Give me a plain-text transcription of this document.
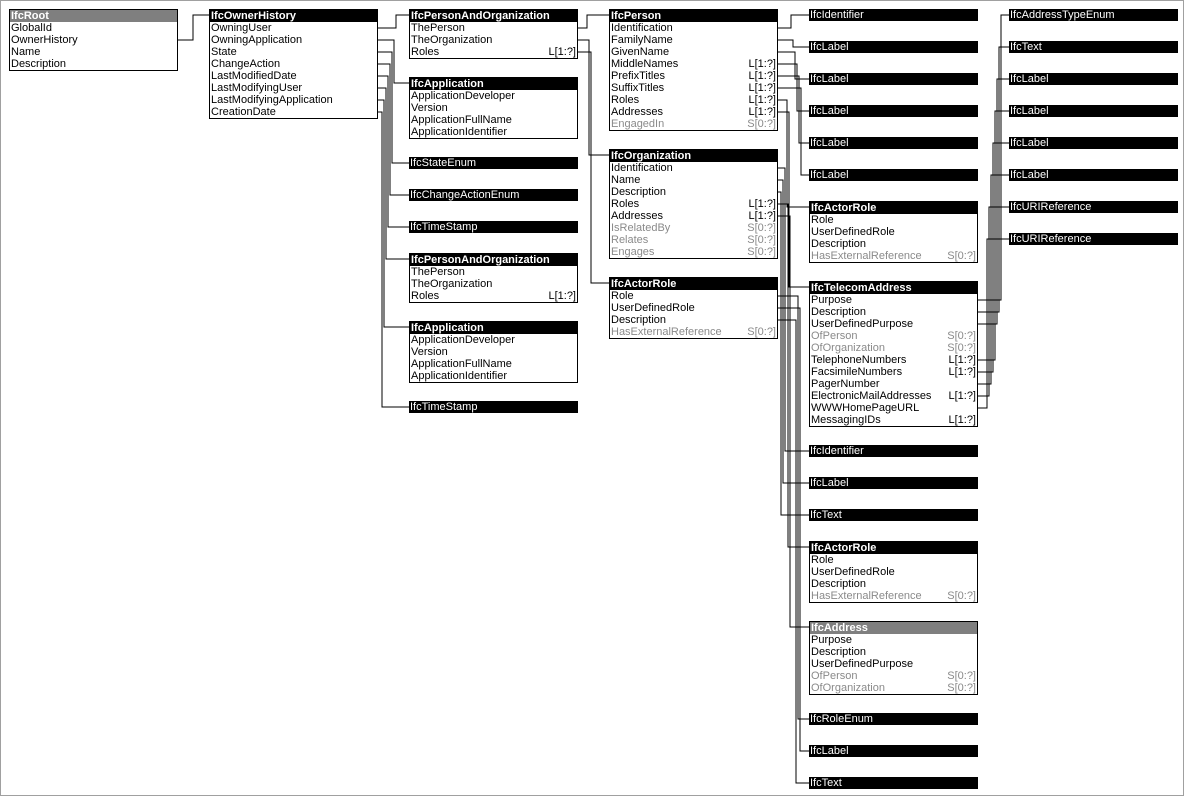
IfcRoot
GlobalId
OwnerHistory
Name
Description
IfcOwnerHistory
OwningUser
OwningApplication
State
ChangeAction
LastModifiedDate
LastModifyingUser
LastModifyingApplication
CreationDate
IfcPersonAndOrganization
ThePerson
TheOrganization
Roles	L[1:?]
IfcApplication
ApplicationDeveloper
Version
ApplicationFullName
ApplicationIdentifier
IfcStateEnum
IfcChangeActionEnum
IfcTimeStamp
IfcPersonAndOrganization
ThePerson
TheOrganization
Roles	L[1:?]
IfcApplication
ApplicationDeveloper
Version
ApplicationFullName
ApplicationIdentifier
IfcTimeStamp
IfcPerson
Identification
FamilyName
GivenName
MiddleNames	L[1:?]
PrefixTitles	L[1:?]
SuffixTitles	L[1:?]
Roles	L[1:?]
Addresses	L[1:?]
EngagedIn	S[0:?]
IfcOrganization
Identification
Name
Description
Roles	L[1:?]
Addresses	L[1:?]
IsRelatedBy	S[0:?]
Relates	S[0:?]
Engages	S[0:?]
IfcActorRole
Role
UserDefinedRole
Description
HasExternalReference S[0:?]
IfcIdentifier
IfcLabel
IfcLabel
IfcLabel
IfcLabel
IfcLabel
IfcActorRole
Role
UserDefinedRole
Description
HasExternalReference S[0:?]
IfcTelecomAddress
Purpose
Description
UserDefinedPurpose
OfPerson	S[0:?]
OfOrganization	S[0:?]
TelephoneNumbers	L[1:?]
FacsimileNumbers	L[1:?]
PagerNumber
ElectronicMailAddresses L[1:?]
WWWHomePageURL
MessagingIDs	L[1:?]
IfcIdentifier
IfcLabel
IfcText
IfcActorRole
Role
UserDefinedRole
Description
HasExternalReference S[0:?]
IfcAddress
Purpose
Description
UserDefinedPurpose
OfPerson	S[0:?]
OfOrganization	S[0:?]
IfcRoleEnum
IfcLabel
IfcText
IfcAddressTypeEnum
IfcText
IfcLabel
IfcLabel
IfcLabel
IfcLabel
IfcURIReference
IfcURIReference
